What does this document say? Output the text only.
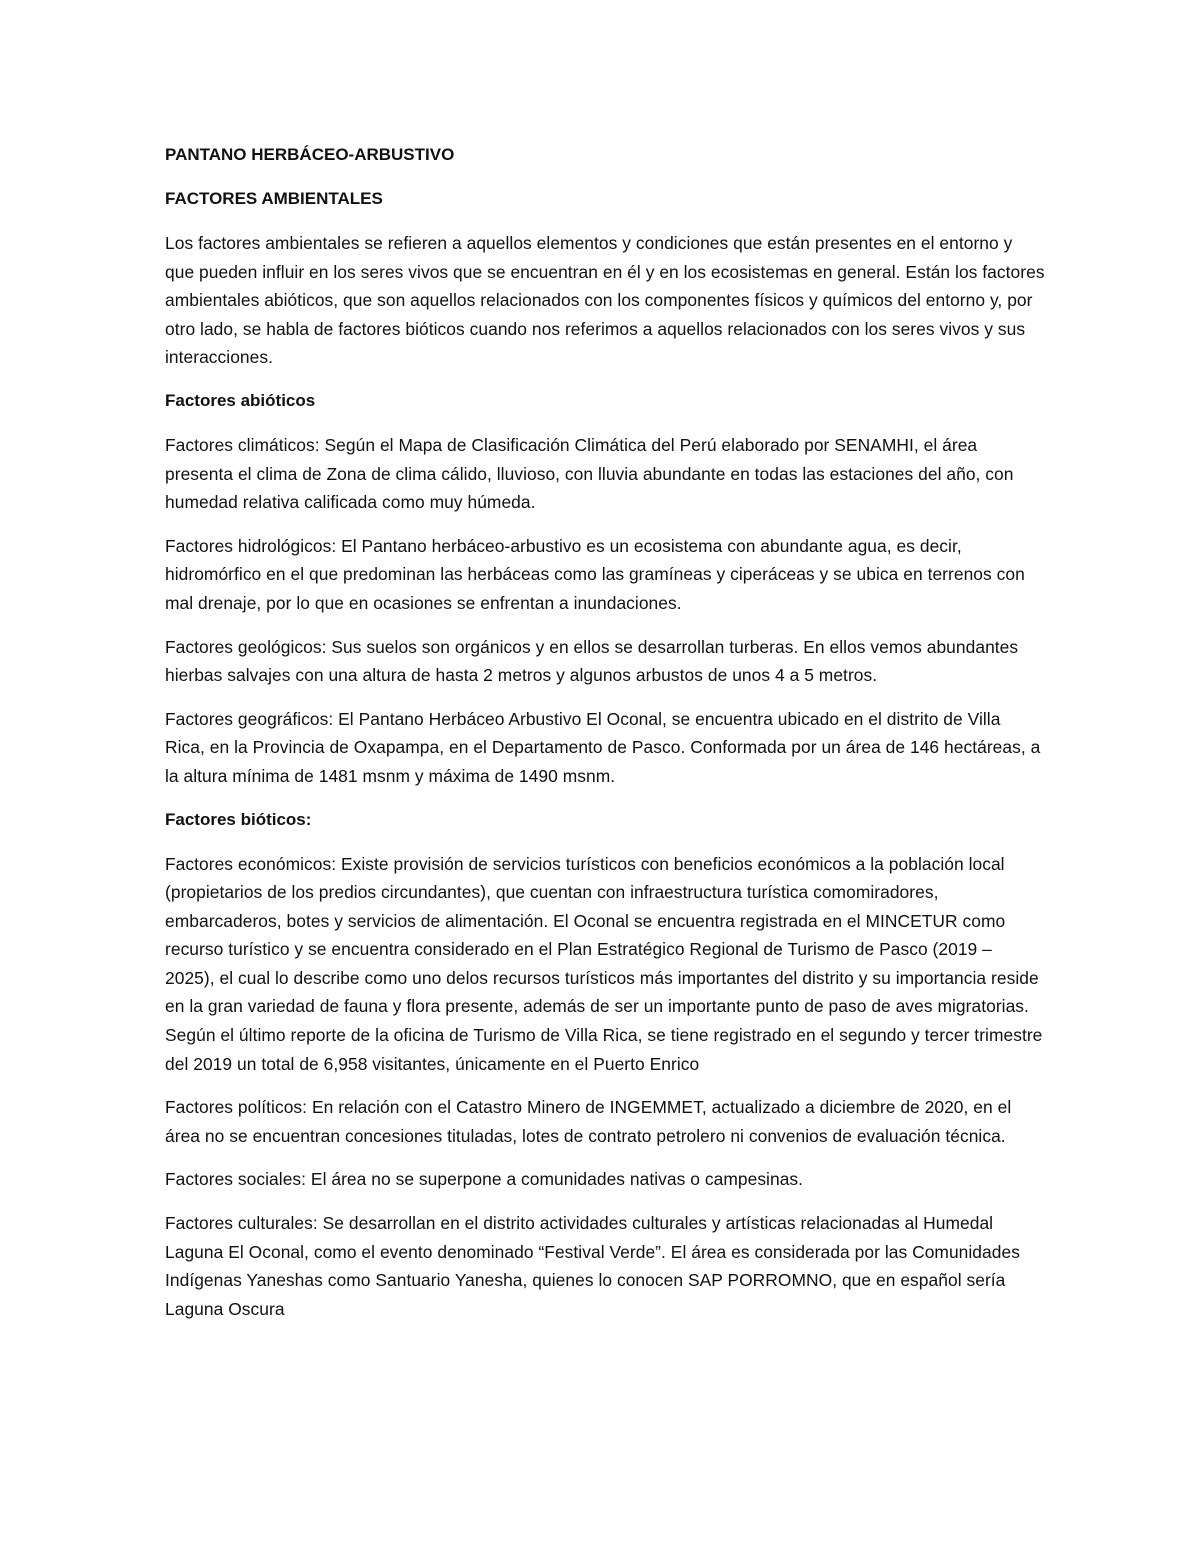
PANTANO HERBÁCEO-ARBUSTIVO
FACTORES AMBIENTALES

Los factores ambientales se refieren a aquellos elementos y condiciones que están presentes en el entorno y que pueden influir en los seres vivos que se encuentran en él y en los ecosistemas en general. Están los factores ambientales abióticos, que son aquellos relacionados con los componentes físicos y químicos del entorno y, por otro lado, se habla de factores bióticos cuando nos referimos a aquellos relacionados con los seres vivos y sus interacciones.

Factores abióticos

Factores climáticos: Según el Mapa de Clasificación Climática del Perú elaborado por SENAMHI, el área presenta el clima de Zona de clima cálido, lluvioso, con lluvia abundante en todas las estaciones del año, con humedad relativa calificada como muy húmeda.

Factores hidrológicos: El Pantano herbáceo-arbustivo es un ecosistema con abundante agua, es decir, hidromórfico en el que predominan las herbáceas como las gramíneas y ciperáceas y se ubica en terrenos con mal drenaje, por lo que en ocasiones se enfrentan a inundaciones.

Factores geológicos: Sus suelos son orgánicos y en ellos se desarrollan turberas. En ellos vemos abundantes hierbas salvajes con una altura de hasta 2 metros y algunos arbustos de unos 4 a 5 metros.

Factores geográficos: El Pantano Herbáceo Arbustivo El Oconal, se encuentra ubicado en el distrito de Villa Rica, en la Provincia de Oxapampa, en el Departamento de Pasco. Conformada por un área de 146 hectáreas, a la altura mínima de 1481 msnm y máxima de 1490 msnm.

Factores bióticos:

Factores económicos: Existe provisión de servicios turísticos con beneficios económicos a la población local (propietarios de los predios circundantes), que cuentan con infraestructura turística comomiradores, embarcaderos, botes y servicios de alimentación. El Oconal se encuentra registrada en el MINCETUR como recurso turístico y se encuentra considerado en el Plan Estratégico Regional de Turismo de Pasco (2019 – 2025), el cual lo describe como uno delos recursos turísticos más importantes del distrito y su importancia reside en la gran variedad de fauna y flora presente, además de ser un importante punto de paso de aves migratorias. Según el último reporte de la oficina de Turismo de Villa Rica, se tiene registrado en el segundo y tercer trimestre del 2019 un total de 6,958 visitantes, únicamente en el Puerto Enrico

Factores políticos: En relación con el Catastro Minero de INGEMMET, actualizado a diciembre de 2020, en el área no se encuentran concesiones tituladas, lotes de contrato petrolero ni convenios de evaluación técnica.

Factores sociales: El área no se superpone a comunidades nativas o campesinas.

Factores culturales: Se desarrollan en el distrito actividades culturales y artísticas relacionadas al Humedal Laguna El Oconal, como el evento denominado “Festival Verde”. El área es considerada por las Comunidades Indígenas Yaneshas como Santuario Yanesha, quienes lo conocen SAP PORROMNO, que en español sería Laguna Oscura
